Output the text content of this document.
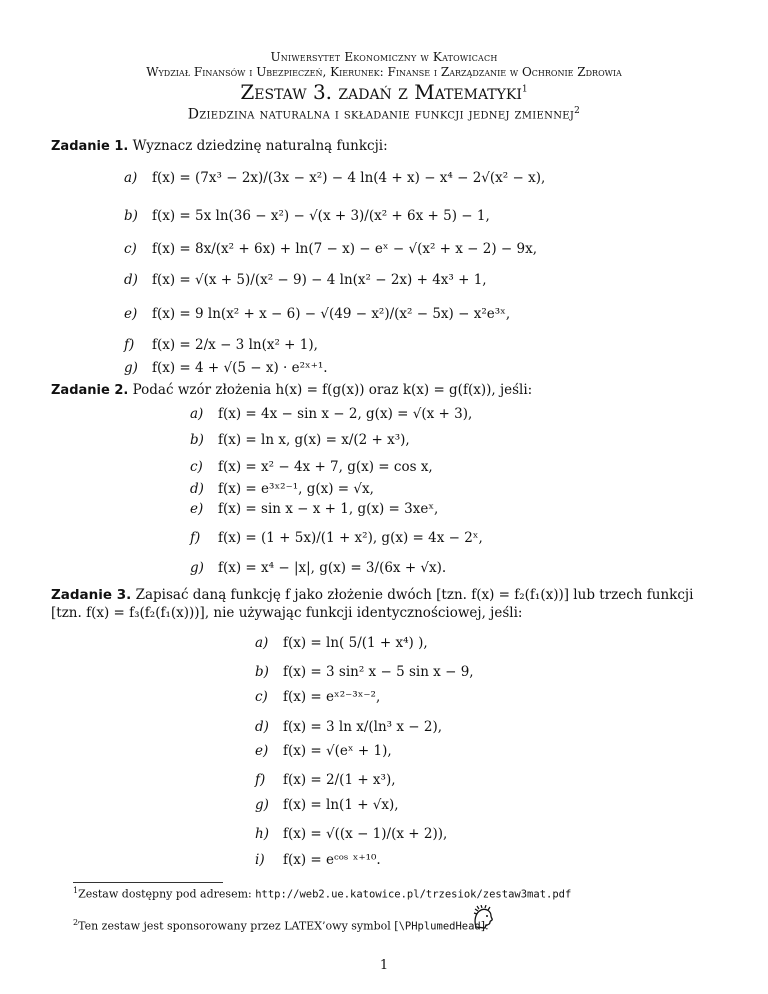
Uniwersytet Ekonomiczny w Katowicach
Wydział Finansów i Ubezpieczeń, Kierunek: Finanse i Zarządzanie w Ochronie Zdrowia
Zestaw 3. zadań z Matematyki$^1$
Dziedzina naturalna i składanie funkcji jednej zmiennej$^2$
Zadanie 1. Wyznacz dziedzinę naturalną funkcji:
a) f(x) = (7x³ − 2x)/(3x − x²) − 4 ln(4 + x) − x⁴ − 2√(x² − x),
b) f(x) = 5x ln(36 − x²) − √(x + 3)/(x² + 6x + 5) − 1,
c) f(x) = 8x/(x² + 6x) + ln(7 − x) − eˣ − √(x² + x − 2) − 9x,
d) f(x) = √(x + 5)/(x² − 9) − 4 ln(x² − 2x) + 4x³ + 1,
e) f(x) = 9 ln(x² + x − 6) − √(49 − x²)/(x² − 5x) − x²e³ˣ,
f) f(x) = 2/x − 3 ln(x² + 1),
g) f(x) = 4 + √(5 − x) · e²ˣ⁺¹.
Zadanie 2. Podać wzór złożenia h(x) = f(g(x)) oraz k(x) = g(f(x)), jeśli:
a) f(x) = 4x − sin x − 2, g(x) = √(x + 3),
b) f(x) = ln x, g(x) = x/(2 + x³),
c) f(x) = x² − 4x + 7, g(x) = cos x,
d) f(x) = e³ˣ²⁻¹, g(x) = √x,
e) f(x) = sin x − x + 1, g(x) = 3xeˣ,
f) f(x) = (1 + 5x)/(1 + x²), g(x) = 4x − 2ˣ,
g) f(x) = x⁴ − |x|, g(x) = 3/(6x + √x).
Zadanie 3. Zapisać daną funkcję f jako złożenie dwóch [tzn. f(x) = f₂(f₁(x))] lub trzech funkcji [tzn. f(x) = f₃(f₂(f₁(x)))], nie używając funkcji identycznościowej, jeśli:
a) f(x) = ln( 5/(1 + x⁴) ),
b) f(x) = 3 sin² x − 5 sin x − 9,
c) f(x) = eˣ²⁻³ˣ⁻²,
d) f(x) = 3 ln x/(ln³ x − 2),
e) f(x) = √(eˣ + 1),
f) f(x) = 2/(1 + x³),
g) f(x) = ln(1 + √x),
h) f(x) = √((x − 1)/(x + 2)),
i) f(x) = eᶜᵒˢ ˣ⁺¹⁰.
$^1$Zestaw dostępny pod adresem: http://web2.ue.katowice.pl/trzesiok/zestaw3mat.pdf
$^2$Ten zestaw jest sponsorowany przez LATEX’owy symbol [\PHplumedHead]:
1
